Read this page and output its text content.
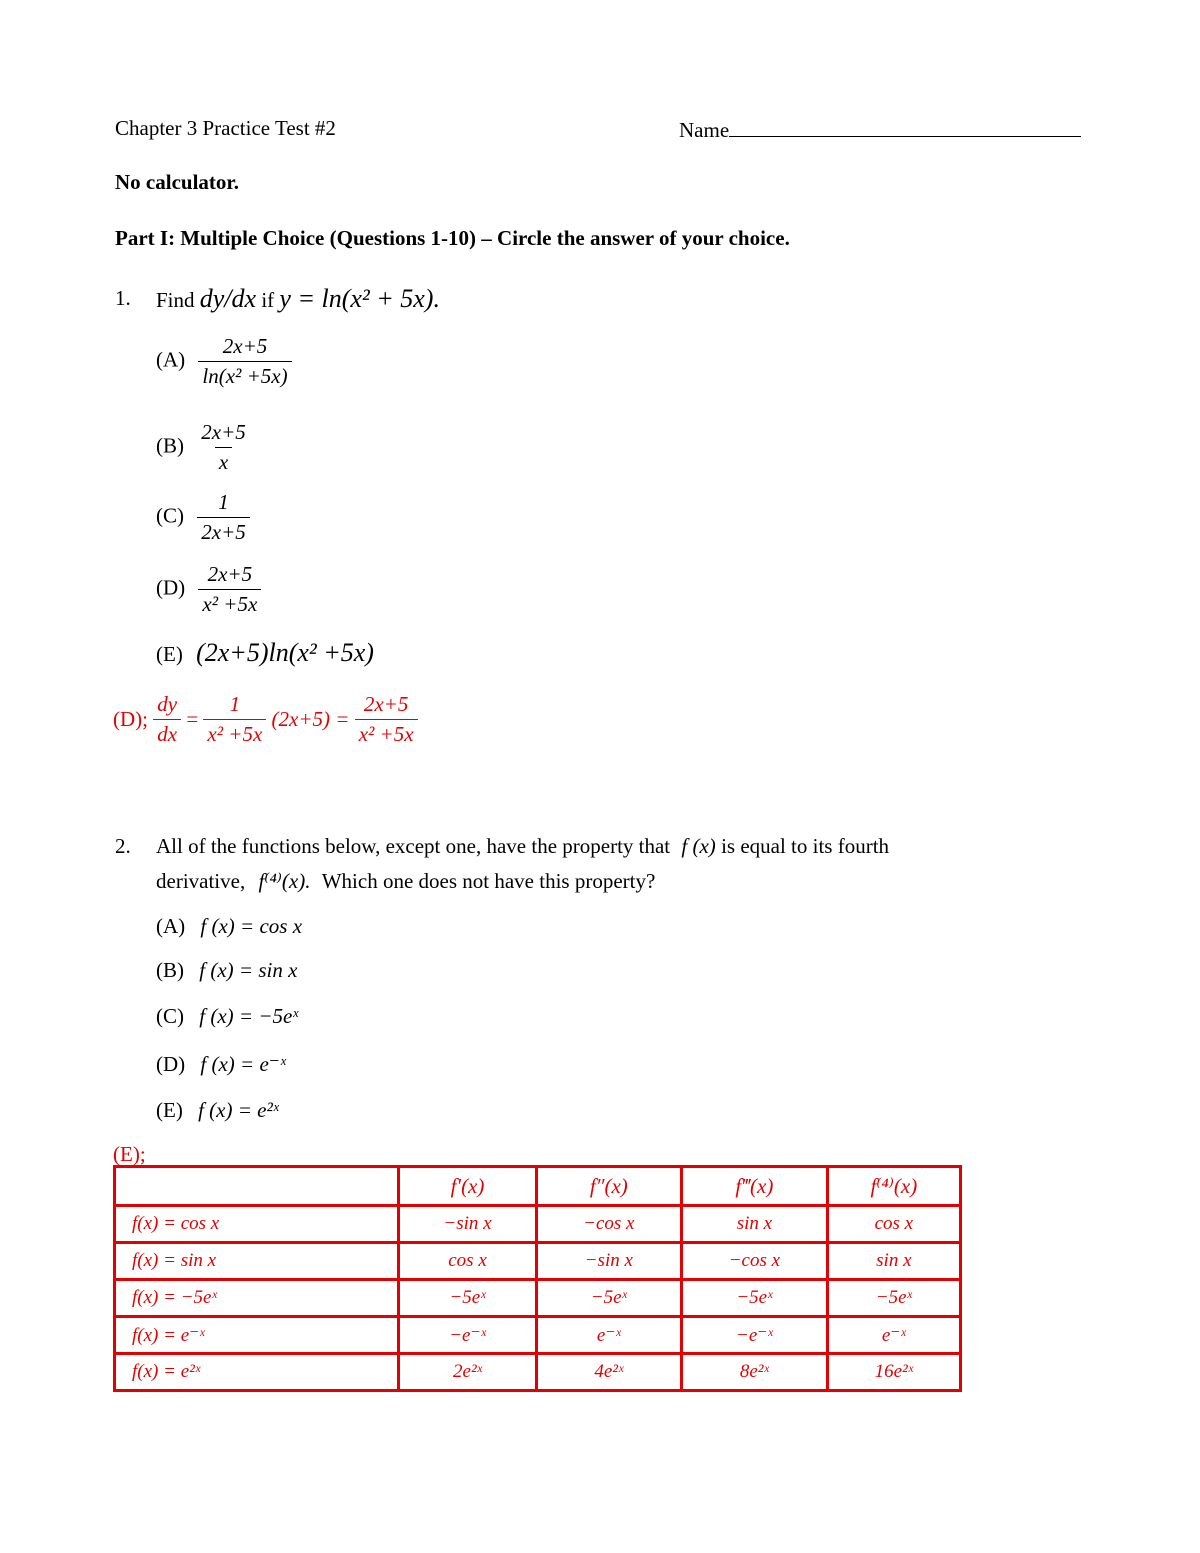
Chapter 3 Practice Test #2	Name
No calculator.
Part I: Multiple Choice (Questions 1-10) – Circle the answer of your choice.
1. Find dy/dx if y = ln(x² + 5x).
$(A) \frac{2x+5}{\text{ln(x² +5x)}}$
$(B) \frac{2x+5}{x}$
$(C) \frac{1}{2x+5}$
$(D) \frac{2x+5}{\text{x² +5x}}$
(E) (2x+5)ln(x² +5x)
(D); $\frac{dy}{dx} = \frac{1}{\text{x² +5x}} (2x+5) = \frac{2x+5}{\text{x² +5x}}$
2. All of the functions below, except one, have the property that f (x) is equal to its fourth
derivative, f⁽⁴⁾(x). Which one does not have this property?
(A) f (x) = cos x
(B) f (x) = sin x
(C) f (x) = −5eˣ
(D) f (x) = e⁻ˣ
(E) f (x) = e²ˣ
(E);
	f′(x)	f″(x)	f‴(x)	f⁽⁴⁾(x)
f(x) = cos x	−sin x	−cos x	sin x	cos x
f(x) = sin x	cos x	−sin x	−cos x	sin x
f(x) = −5eˣ	−5eˣ	−5eˣ	−5eˣ	−5eˣ
f(x) = e⁻ˣ	−e⁻ˣ	e⁻ˣ	−e⁻ˣ	e⁻ˣ
f(x) = e²ˣ	2e²ˣ	4e²ˣ	8e²ˣ	16e²ˣ
